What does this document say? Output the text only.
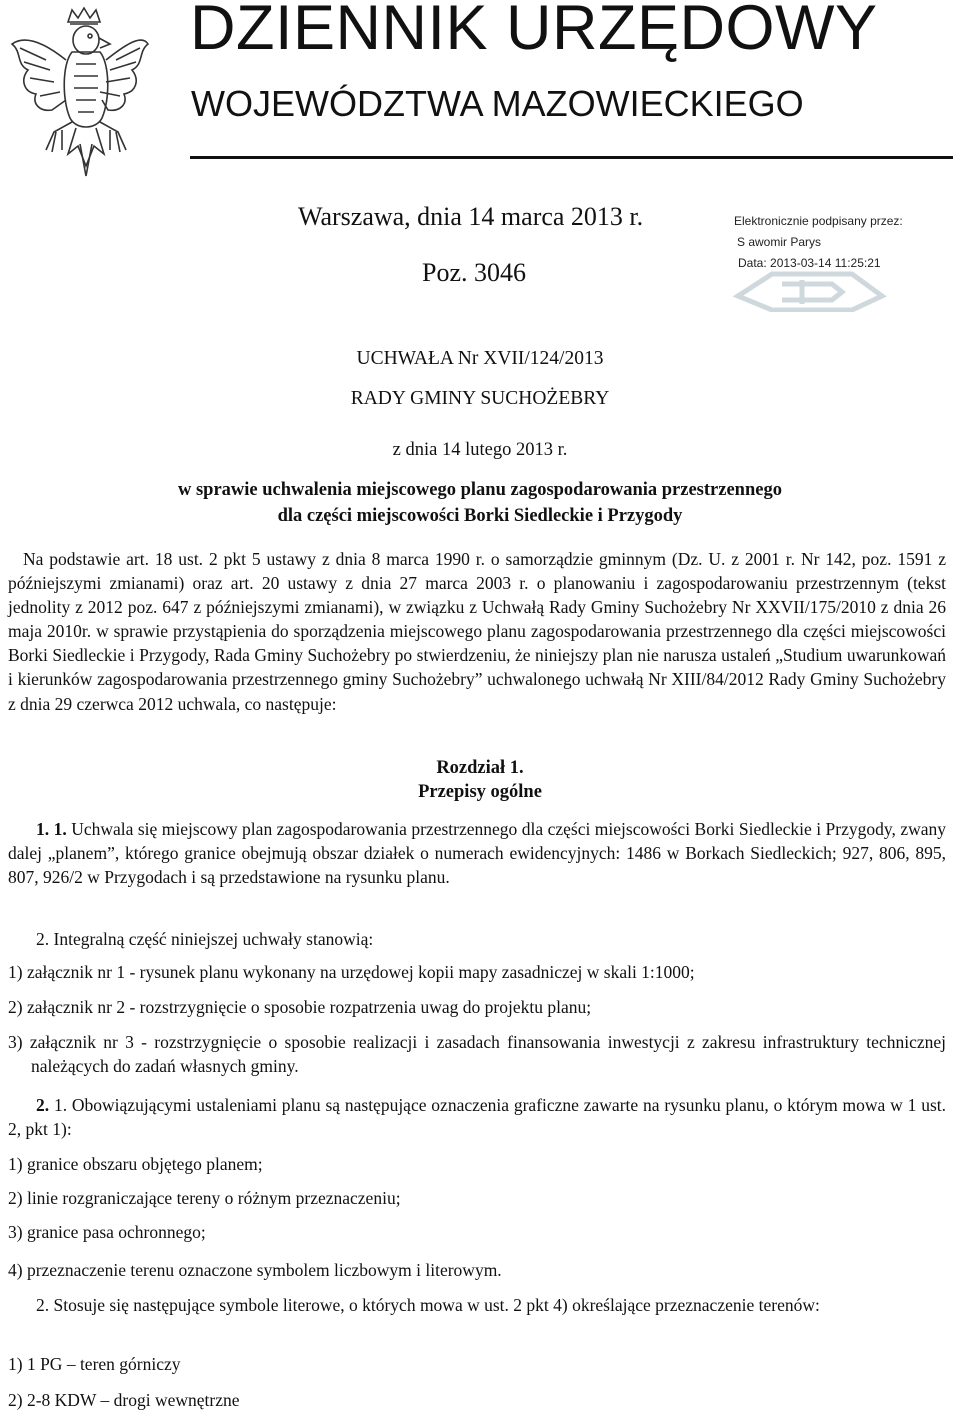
DZIENNIK URZĘDOWY
WOJEWÓDZTWA MAZOWIECKIEGO
Warszawa, dnia 14 marca 2013 r.
Poz. 3046
Elektronicznie podpisany przez:
S awomir Parys
Data: 2013-03-14 11:25:21
UCHWAŁA Nr XVII/124/2013
RADY GMINY SUCHOŻEBRY
z dnia 14 lutego 2013 r.
w sprawie uchwalenia miejscowego planu zagospodarowania przestrzennego
dla części miejscowości Borki Siedleckie i Przygody

Na podstawie art. 18 ust. 2 pkt 5 ustawy z dnia 8 marca 1990 r. o samorządzie gminnym (Dz. U. z 2001 r. Nr 142, poz. 1591 z późniejszymi zmianami) oraz art. 20 ustawy z dnia 27 marca 2003 r. o planowaniu i zagospodarowaniu przestrzennym (tekst jednolity z 2012 poz. 647 z późniejszymi zmianami), w związku z Uchwałą Rady Gminy Suchożebry Nr XXVII/175/2010 z dnia 26 maja 2010r. w sprawie przystąpienia do sporządzenia miejscowego planu zagospodarowania przestrzennego dla części miejscowości Borki Siedleckie i Przygody, Rada Gminy Suchożebry po stwierdzeniu, że niniejszy plan nie narusza ustaleń „Studium uwarunkowań i kierunków zagospodarowania przestrzennego gminy Suchożebry” uchwalonego uchwałą Nr XIII/84/2012 Rady Gminy Suchożebry z dnia 29 czerwca 2012 uchwala, co następuje:

Rozdział 1.
Przepisy ogólne

1. 1. Uchwala się miejscowy plan zagospodarowania przestrzennego dla części miejscowości Borki Siedleckie i Przygody, zwany dalej „planem”, którego granice obejmują obszar działek o numerach ewidencyjnych: 1486 w Borkach Siedleckich; 927, 806, 895, 807, 926/2 w Przygodach i są przedstawione na rysunku planu.

2. Integralną część niniejszej uchwały stanowią:

1) załącznik nr 1 - rysunek planu wykonany na urzędowej kopii mapy zasadniczej w skali 1:1000;

2) załącznik nr 2 - rozstrzygnięcie o sposobie rozpatrzenia uwag do projektu planu;

3) załącznik nr 3 - rozstrzygnięcie o sposobie realizacji i zasadach finansowania inwestycji z zakresu infrastruktury technicznej należących do zadań własnych gminy.

2. 1. Obowiązującymi ustaleniami planu są następujące oznaczenia graficzne zawarte na rysunku planu, o którym mowa w 1 ust. 2, pkt 1):

1) granice obszaru objętego planem;

2) linie rozgraniczające tereny o różnym przeznaczeniu;

3) granice pasa ochronnego;

4) przeznaczenie terenu oznaczone symbolem liczbowym i literowym.

2. Stosuje się następujące symbole literowe, o których mowa w ust. 2 pkt 4) określające przeznaczenie terenów:

1) 1 PG – teren górniczy

2) 2-8 KDW – drogi wewnętrzne
